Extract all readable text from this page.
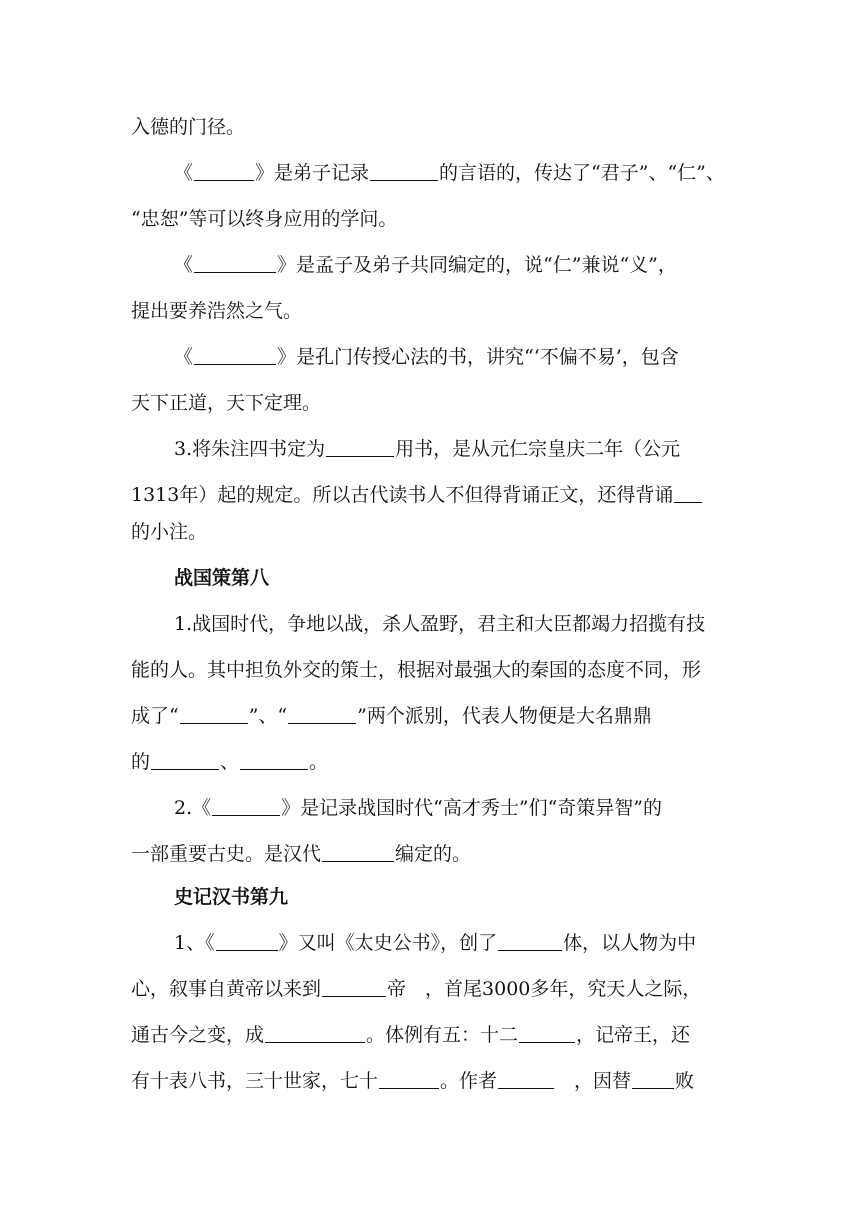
入德的门径。
《	》是弟子记录	的言语的，传达了“君子”、“仁”、
“忠恕”等可以终身应用的学问。
《	》是孟子及弟子共同编定的，说“仁”兼说“义”，
提出要养浩然之气。
《	》是孔门传授心法的书，讲究“‘不偏不易’，包含
天下正道，天下定理。
3.将朱注四书定为	用书，是从元仁宗皇庆二年（公元
1313年）起的规定。所以古代读书人不但得背诵正文，还得背诵
的小注。
战国策第八
1.战国时代，争地以战，杀人盈野，君主和大臣都竭力招揽有技
能的人。其中担负外交的策士，根据对最强大的秦国的态度不同，形
成了“	”、“	”两个派别，代表人物便是大名鼎鼎
的	、	。
2.《	》是记录战国时代“高才秀士”们“奇策异智”的
一部重要古史。是汉代	编定的。
史记汉书第九
1、《	》又叫《太史公书》，创了	体，以人物为中
心，叙事自黄帝以来到	帝　，首尾3000多年，究天人之际，
通古今之变，成	。体例有五：十二	，记帝王，还
有十表八书，三十世家，七十	。作者	　，因替 败
